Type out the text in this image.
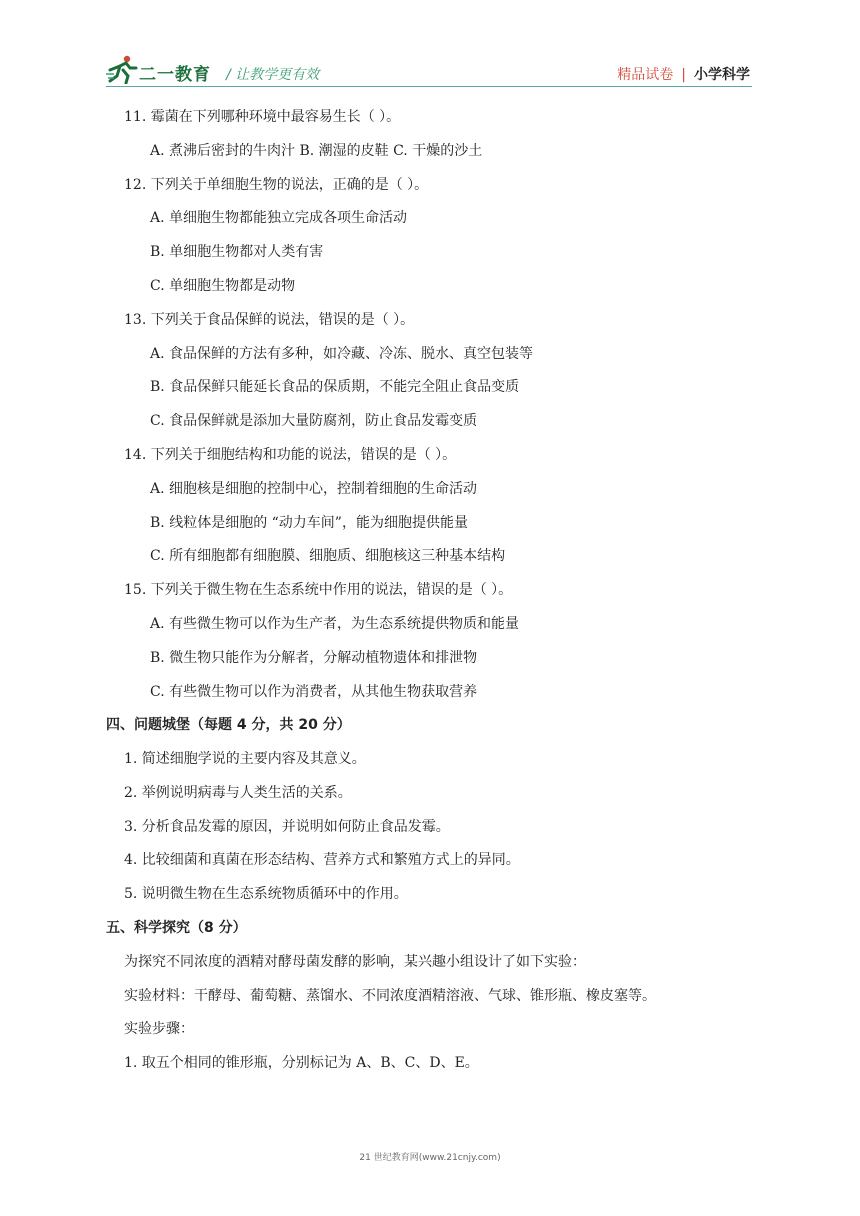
二一教育 / 让教学更有效	精品试卷 | 小学科学
11. 霉菌在下列哪种环境中最容易生长（ ）。
A. 煮沸后密封的牛肉汁 B. 潮湿的皮鞋 C. 干燥的沙土
12. 下列关于单细胞生物的说法，正确的是（ ）。
A. 单细胞生物都能独立完成各项生命活动
B. 单细胞生物都对人类有害
C. 单细胞生物都是动物
13. 下列关于食品保鲜的说法，错误的是（ ）。
A. 食品保鲜的方法有多种，如冷藏、冷冻、脱水、真空包装等
B. 食品保鲜只能延长食品的保质期，不能完全阻止食品变质
C. 食品保鲜就是添加大量防腐剂，防止食品发霉变质
14. 下列关于细胞结构和功能的说法，错误的是（ ）。
A. 细胞核是细胞的控制中心，控制着细胞的生命活动
B. 线粒体是细胞的 “动力车间”，能为细胞提供能量
C. 所有细胞都有细胞膜、细胞质、细胞核这三种基本结构
15. 下列关于微生物在生态系统中作用的说法，错误的是（ ）。
A. 有些微生物可以作为生产者，为生态系统提供物质和能量
B. 微生物只能作为分解者，分解动植物遗体和排泄物
C. 有些微生物可以作为消费者，从其他生物获取营养
四、问题城堡（每题 4 分，共 20 分）
1. 简述细胞学说的主要内容及其意义。
2. 举例说明病毒与人类生活的关系。
3. 分析食品发霉的原因，并说明如何防止食品发霉。
4. 比较细菌和真菌在形态结构、营养方式和繁殖方式上的异同。
5. 说明微生物在生态系统物质循环中的作用。
五、科学探究（8 分）
为探究不同浓度的酒精对酵母菌发酵的影响，某兴趣小组设计了如下实验：
实验材料：干酵母、葡萄糖、蒸馏水、不同浓度酒精溶液、气球、锥形瓶、橡皮塞等。
实验步骤：
1. 取五个相同的锥形瓶，分别标记为 A、B、C、D、E。
21 世纪教育网(www.21cnjy.com)
